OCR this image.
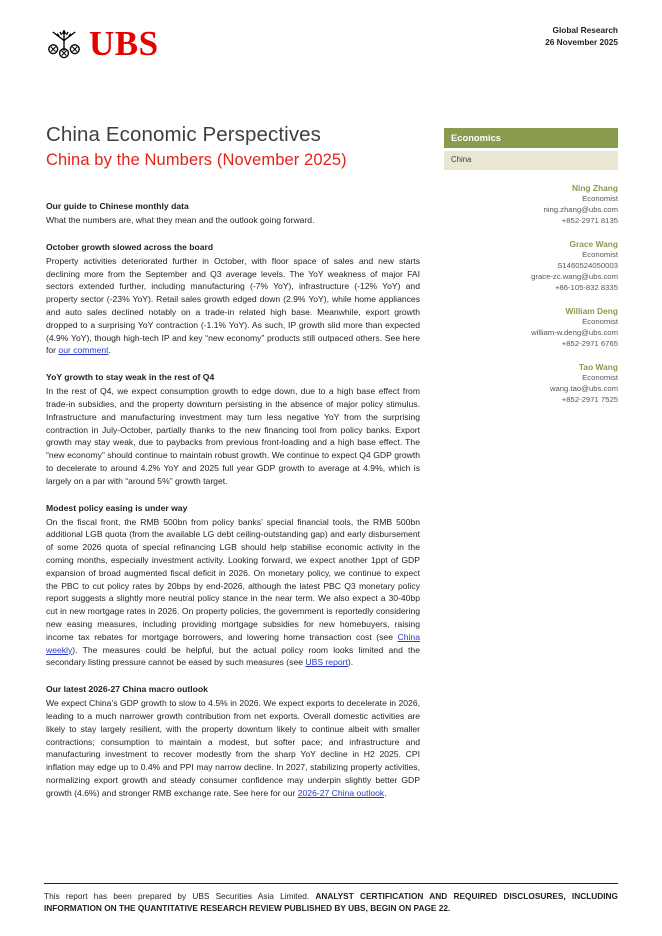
UBS	Global Research
26 November 2025
China Economic Perspectives
China by the Numbers (November 2025)
Economics
China
Ning Zhang
Economist
ning.zhang@ubs.com
+852-2971 8135
Grace Wang
Economist
S1460524050003
grace-zc.wang@ubs.com
+86-105-832 8335
William Deng
Economist
william-w.deng@ubs.com
+852-2971 6765
Tao Wang
Economist
wang.tao@ubs.com
+852-2971 7525
Our guide to Chinese monthly data

What the numbers are, what they mean and the outlook going forward.

October growth slowed across the board

Property activities deteriorated further in October, with floor space of sales and new starts declining more from the September and Q3 average levels. The YoY weakness of major FAI sectors extended further, including manufacturing (-7% YoY), infrastructure (-12% YoY) and property sector (-23% YoY). Retail sales growth edged down (2.9% YoY), while home appliances and auto sales declined notably on a trade-in related high base. Meanwhile, export growth dropped to a surprising YoY contraction (-1.1% YoY). As such, IP growth slid more than expected (4.9% YoY), though high-tech IP and key “new economy” products still outpaced others. See here for our comment.

YoY growth to stay weak in the rest of Q4

In the rest of Q4, we expect consumption growth to edge down, due to a high base effect from trade-in subsidies, and the property downturn persisting in the absence of major policy stimulus. Infrastructure and manufacturing investment may turn less negative YoY from the surprising contraction in July-October, partially thanks to the new financing tool from policy banks. Export growth may stay weak, due to paybacks from previous front-loading and a high base effect. The “new economy” should continue to maintain robust growth. We continue to expect Q4 GDP growth to decelerate to around 4.2% YoY and 2025 full year GDP growth to average at 4.9%, which is largely on a par with “around 5%” growth target.

Modest policy easing is under way

On the fiscal front, the RMB 500bn from policy banks’ special financial tools, the RMB 500bn additional LGB quota (from the available LG debt ceiling-outstanding gap) and early disbursement of some 2026 quota of special refinancing LGB should help stabilise economic activity in the coming months, especially investment activity. Looking forward, we expect another 1ppt of GDP expansion of broad augmented fiscal deficit in 2026. On monetary policy, we continue to expect the PBC to cut policy rates by 20bps by end-2026, although the latest PBC Q3 monetary policy report suggests a slightly more neutral policy stance in the near term. We also expect a 30-40bp cut in new mortgage rates in 2026. On property policies, the government is reportedly considering new easing measures, including providing mortgage subsidies for new homebuyers, raising income tax rebates for mortgage borrowers, and lowering home transaction cost (see China weekly). The measures could be helpful, but the actual policy room looks limited and the secondary listing pressure cannot be eased by such measures (see UBS report).

Our latest 2026-27 China macro outlook

We expect China’s GDP growth to slow to 4.5% in 2026. We expect exports to decelerate in 2026, leading to a much narrower growth contribution from net exports. Overall domestic activities are likely to stay largely resilient, with the property downturn likely to continue albeit with smaller contractions; consumption to maintain a modest, but softer pace; and infrastructure and manufacturing investment to recover modestly from the sharp YoY decline in H2 2025. CPI inflation may edge up to 0.4% and PPI may narrow decline. In 2027, stabilizing property activities, normalizing export growth and steady consumer confidence may underpin slightly better GDP growth (4.6%) and stronger RMB exchange rate. See here for our 2026-27 China outlook.

This report has been prepared by UBS Securities Asia Limited. ANALYST CERTIFICATION AND REQUIRED DISCLOSURES, INCLUDING INFORMATION ON THE QUANTITATIVE RESEARCH REVIEW PUBLISHED BY UBS, BEGIN ON PAGE 22.
